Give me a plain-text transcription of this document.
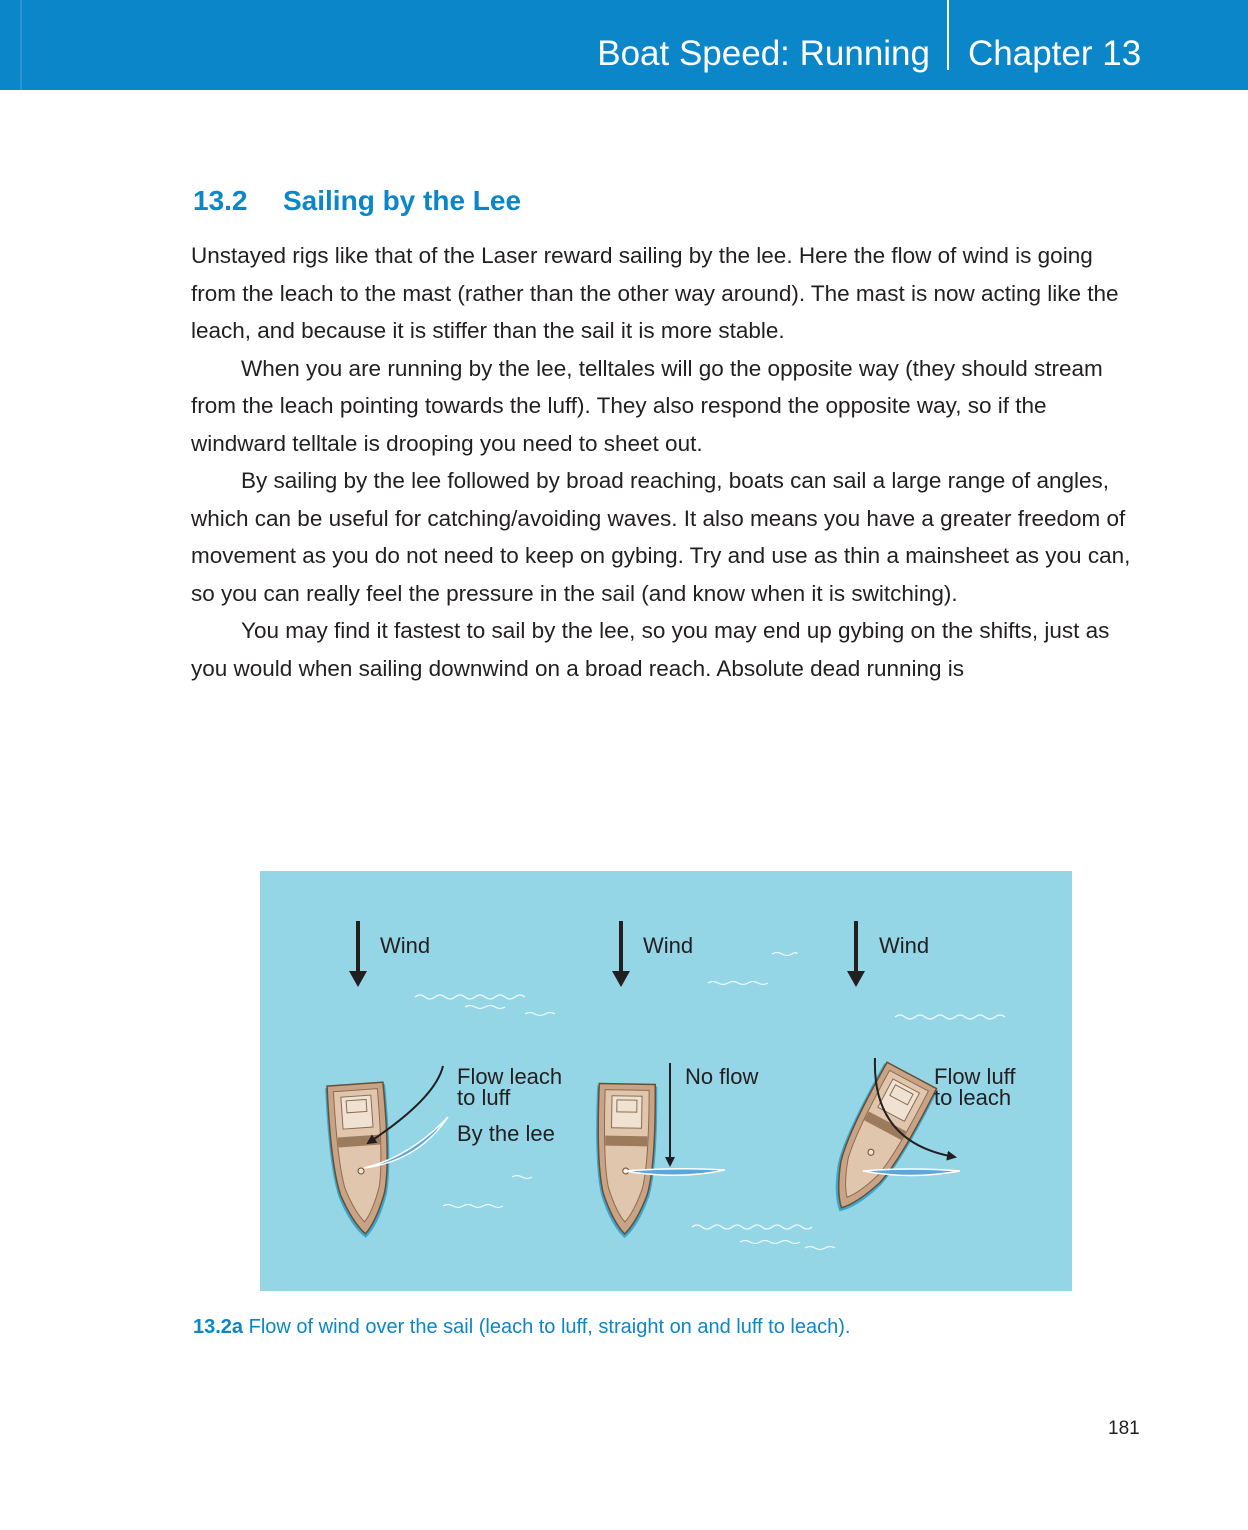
Boat Speed: Running Chapter 13
13.2 Sailing by the Lee

Unstayed rigs like that of the Laser reward sailing by the lee. Here the flow of wind is going from the leach to the mast (rather than the other way around). The mast is now acting like the leach, and because it is stiffer than the sail it is more stable.

When you are running by the lee, telltales will go the opposite way (they should stream from the leach pointing towards the luff). They also respond the opposite way, so if the windward telltale is drooping you need to sheet out.

By sailing by the lee followed by broad reaching, boats can sail a large range of angles, which can be useful for catching/avoiding waves. It also means you have a greater freedom of movement as you do not need to keep on gybing. Try and use as thin a mainsheet as you can, so you can really feel the pressure in the sail (and know when it is switching).

You may find it fastest to sail by the lee, so you may end up gybing on the shifts, just as you would when sailing downwind on a broad reach. Absolute dead running is

Wind	Wind	Wind
Flow leach
to luff
By the lee
No flow	Flow luff
to leach
13.2a Flow of wind over the sail (leach to luff, straight on and luff to leach).
181
